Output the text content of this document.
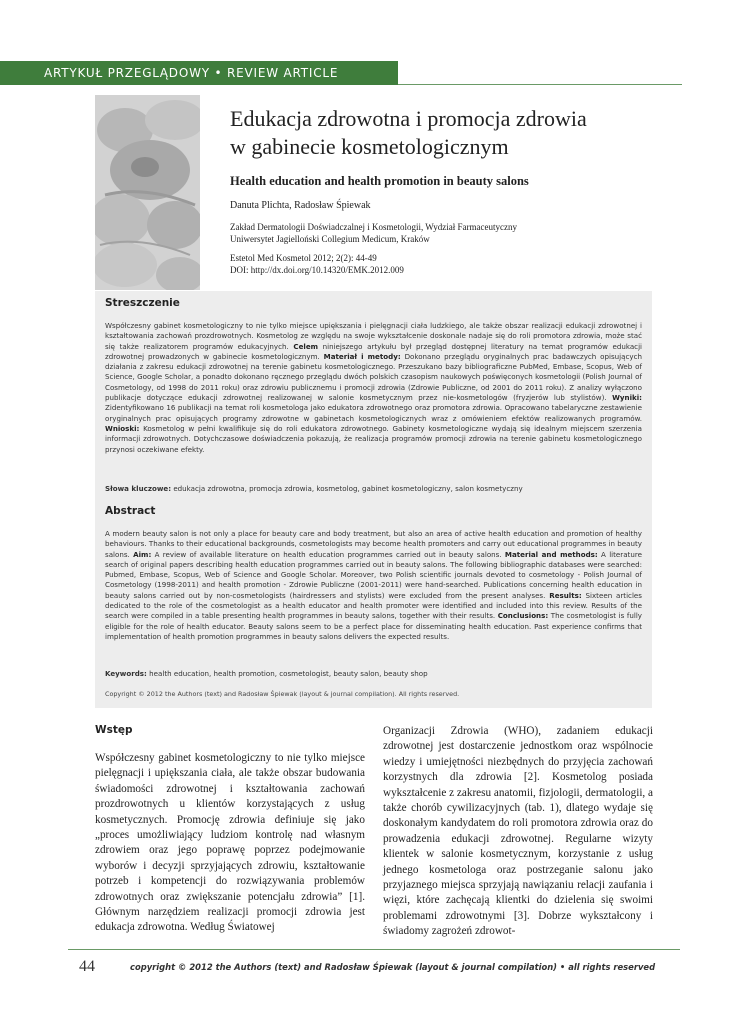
ARTYKUŁ PRZEGLĄDOWY • REVIEW ARTICLE
Edukacja zdrowotna i promocja zdrowia
w gabinecie kosmetologicznym
Health education and health promotion in beauty salons
Danuta Plichta, Radosław Śpiewak
Zakład Dermatologii Doświadczalnej i Kosmetologii, Wydział Farmaceutyczny
Uniwersytet Jagielloński Collegium Medicum, Kraków
Estetol Med Kosmetol 2012; 2(2): 44-49
DOI: http://dx.doi.org/10.14320/EMK.2012.009
Streszczenie
Współczesny gabinet kosmetologiczny to nie tylko miejsce upiększania i pielęgnacji ciała ludzkiego, ale także obszar realizacji edukacji zdrowotnej i kształtowania zachowań prozdrowotnych. Kosmetolog ze względu na swoje wykształcenie doskonale nadaje się do roli promotora zdrowia, może stać się także realizatorem programów edukacyjnych. Celem niniejszego artykułu był przegląd dostępnej literatury na temat programów edukacji zdrowotnej prowadzonych w gabinecie kosmetologicznym. Materiał i metody: Dokonano przeglądu oryginalnych prac badawczych opisujących działania z zakresu edukacji zdrowotnej na terenie gabinetu kosmetologicznego. Przeszukano bazy bibliograficzne PubMed, Embase, Scopus, Web of Science, Google Scholar, a ponadto dokonano ręcznego przeglądu dwóch polskich czasopism naukowych poświęconych kosmetologii (Polish Journal of Cosmetology, od 1998 do 2011 roku) oraz zdrowiu publicznemu i promocji zdrowia (Zdrowie Publiczne, od 2001 do 2011 roku). Z analizy wyłączono publikacje dotyczące edukacji zdrowotnej realizowanej w salonie kosmetycznym przez nie-kosmetologów (fryzjerów lub stylistów). Wyniki: Zidentyfikowano 16 publikacji na temat roli kosmetologa jako edukatora zdrowotnego oraz promotora zdrowia. Opracowano tabelaryczne zestawienie oryginalnych prac opisujących programy zdrowotne w gabinetach kosmetologicznych wraz z omówieniem efektów realizowanych programów. Wnioski: Kosmetolog w pełni kwalifikuje się do roli edukatora zdrowotnego. Gabinety kosmetologiczne wydają się idealnym miejscem szerzenia informacji zdrowotnych. Dotychczasowe doświadczenia pokazują, że realizacja programów promocji zdrowia na terenie gabinetu kosmetologicznego przynosi oczekiwane efekty.
Słowa kluczowe: edukacja zdrowotna, promocja zdrowia, kosmetolog, gabinet kosmetologiczny, salon kosmetyczny
Abstract
A modern beauty salon is not only a place for beauty care and body treatment, but also an area of active health education and promotion of healthy behaviours. Thanks to their educational backgrounds, cosmetologists may become health promoters and carry out educational programmes in beauty salons. Aim: A review of available literature on health education programmes carried out in beauty salons. Material and methods: A literature search of original papers describing health education programmes carried out in beauty salons. The following bibliographic databases were searched: Pubmed, Embase, Scopus, Web of Science and Google Scholar. Moreover, two Polish scientific journals devoted to cosmetology - Polish Journal of Cosmetology (1998-2011) and health promotion - Zdrowie Publiczne (2001-2011) were hand-searched. Publications concerning health education in beauty salons carried out by non-cosmetologists (hairdressers and stylists) were excluded from the present analyses. Results: Sixteen articles dedicated to the role of the cosmetologist as a health educator and health promoter were identified and included into this review. Results of the search were compiled in a table presenting health programmes in beauty salons, together with their results. Conclusions: The cosmetologist is fully eligible for the role of health educator. Beauty salons seem to be a perfect place for disseminating health education. Past experience confirms that implementation of health promotion programmes in beauty salons delivers the expected results.
Keywords: health education, health promotion, cosmetologist, beauty salon, beauty shop
Copyright © 2012 the Authors (text) and Radosław Śpiewak (layout & journal compilation). All rights reserved.
Wstęp
Współczesny gabinet kosmetologiczny to nie tylko miejsce pielęgnacji i upiększania ciała, ale także obszar budowania świadomości zdrowotnej i kształtowania zachowań prozdrowotnych u klientów korzystających z usług kosmetycznych. Promocję zdrowia definiuje się jako „proces umożliwiający ludziom kontrolę nad własnym zdrowiem oraz jego poprawę poprzez podejmowanie wyborów i decyzji sprzyjających zdrowiu, kształtowanie potrzeb i kompetencji do rozwiązywania problemów zdrowotnych oraz zwiększanie potencjału zdrowia” [1]. Głównym narzędziem realizacji promocji zdrowia jest edukacja zdrowotna. Według Światowej
Organizacji Zdrowia (WHO), zadaniem edukacji zdrowotnej jest dostarczenie jednostkom oraz wspólnocie wiedzy i umiejętności niezbędnych do przyjęcia zachowań korzystnych dla zdrowia [2]. Kosmetolog posiada wykształcenie z zakresu anatomii, fizjologii, dermatologii, a także chorób cywilizacyjnych (tab. 1), dlatego wydaje się doskonałym kandydatem do roli promotora zdrowia oraz do prowadzenia edukacji zdrowotnej. Regularne wizyty klientek w salonie kosmetycznym, korzystanie z usług jednego kosmetologa oraz postrzeganie salonu jako przyjaznego miejsca sprzyjają nawiązaniu relacji zaufania i więzi, które zachęcają klientki do dzielenia się swoimi problemami zdrowotnymi [3]. Dobrze wykształcony i świadomy zagrożeń zdrowot-
44	copyright © 2012 the Authors (text) and Radosław Śpiewak (layout & journal compilation) • all rights reserved
